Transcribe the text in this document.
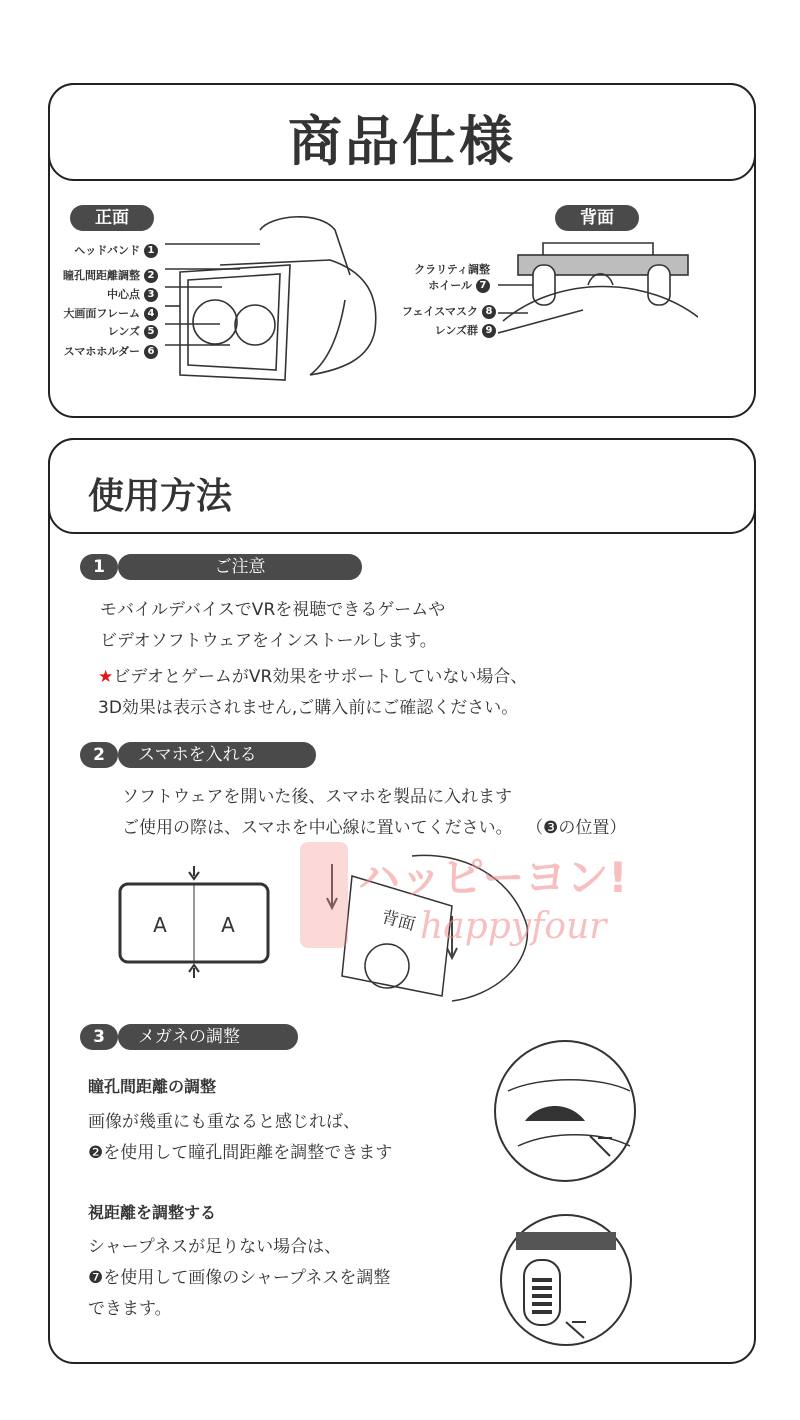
商品仕様
正面	背面
ヘッドバンド 1
瞳孔間距離調整 2
中心点 3
大画面フレーム 4
レンズ 5
スマホホルダー 6
クラリティ調整
ホイール 7
フェイスマスク 8
レンズ群 9
使用方法
1	ご注意
モバイルデバイスでVRを視聴できるゲームや
ビデオソフトウェアをインストールします。
★ビデオとゲームがVR効果をサポートしていない場合、
3D効果は表示されません,ご購入前にご確認ください。
2	スマホを入れる
ソフトウェアを開いた後、スマホを製品に入れます
ご使用の際は、スマホを中心線に置いてください。 （❸の位置）
A	A	背面
3	メガネの調整
瞳孔間距離の調整
画像が幾重にも重なると感じれば、
❷を使用して瞳孔間距離を調整できます
視距離を調整する
シャープネスが足りない場合は、
❼を使用して画像のシャープネスを調整
できます。
ハッピーヨン!
happyfour
